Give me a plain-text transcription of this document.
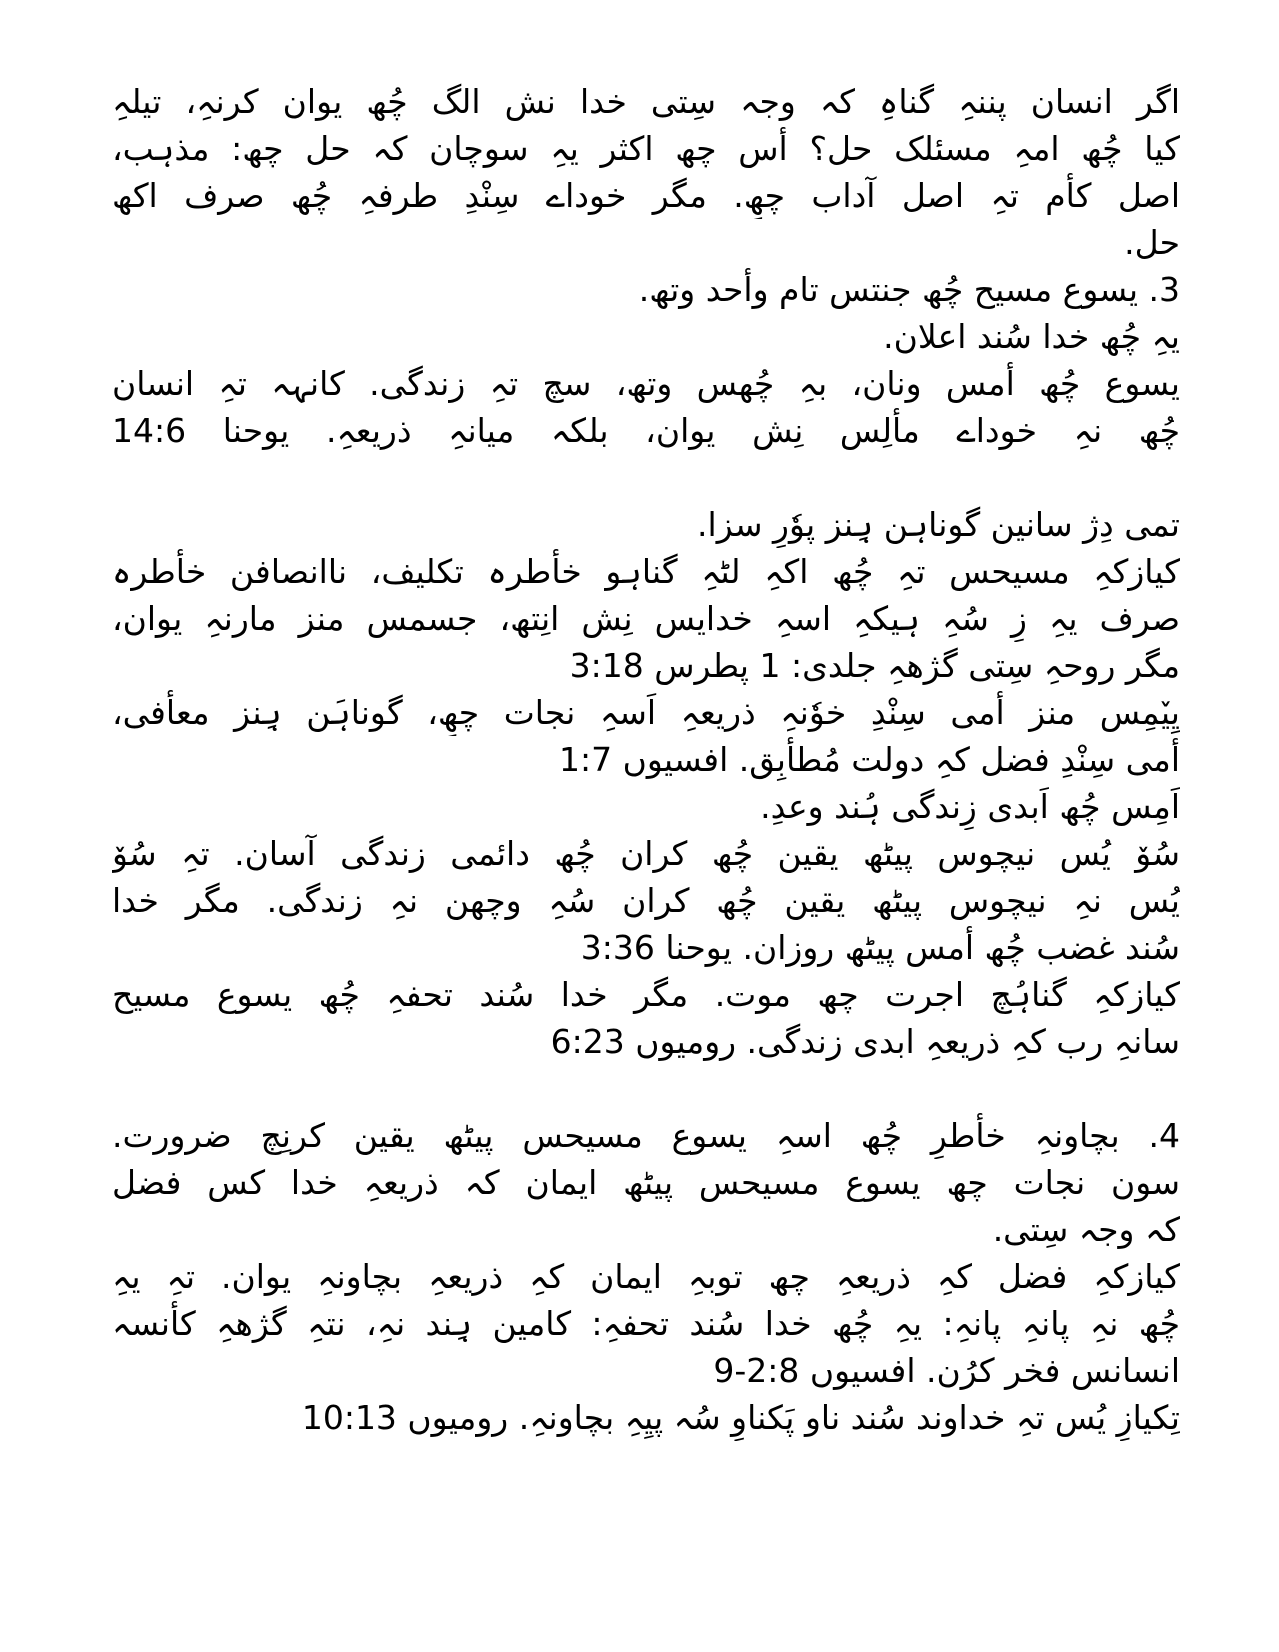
اگر انسان پننہِ گناہِ کہ وجہ سِتی خدا نش الگ چُھ یوان کرنہِ، تیلہِ
کیا چُھ امہِ مسئلک حل؟ أس چھ اکثر یہِ سوچان کہ حل چھ: مذہب،
اصل کأم تہِ اصل آداب چھِ. مگر خوداے سِنْدِ طرفہِ چُھ صرف اکھ
حل.
3. یسوع مسیح چُھ جنتس تام وأحد وتھ.
یہِ چُھ خدا سُند اعلان.
یسوع چُھ أمس ونان، بہِ چُھس وتھ، سچ تہِ زندگی. کانہہ تہِ انسان
چُھ نہِ خوداے مألِس نِش یوان، بلکہ میانہِ ذریعہِ. یوحنا 14:6
تمی دِژ سانین گوناہن ہِنز پوٗرِ سزا.
کیازکہِ مسیحس تہِ چُھ اکہِ لٹہِ گناہو خأطرہ تکلیف، ناانصافن خأطرہ
صرف یہِ زِ سُہِ ہیکہِ اسہِ خدایس نِش انِتھ، جسمس منز مارنہِ یوان،
مگر روحہِ سِتی گژھہِ جلدی: 1 پطرس 3:18
یِیٚمِس منز أمی سِنْدِ خوٗنہِ ذریعہِ اَسہِ نجات چھِ، گوناہَن ہِنز معأفی،
أمی سِنْدِ فضل کہِ دولت مُطأبِق. افسیوں 1:7
اَمِس چُھ اَبدی زِندگی ہُند وعدِ.
سُۆ یُس نیچوس پیٹھ یقین چُھ کران چُھ دائمی زندگی آسان. تہِ سُۆ
یُس نہِ نیچوس پیٹھ یقین چُھ کران سُہِ وچھن نہِ زندگی. مگر خدا
سُند غضب چُھ أمس پیٹھ روزان. یوحنا 3:36
کیازکہِ گناہُچ اجرت چھ موت. مگر خدا سُند تحفہِ چُھ یسوع مسیح
سانہِ رب کہِ ذریعہِ ابدی زندگی. رومیوں 6:23
4. بچاونہِ خأطرِ چُھ اسہِ یسوع مسیحس پیٹھ یقین کرنِچ ضرورت.
سون نجات چھ یسوع مسیحس پیٹھ ایمان کہ ذریعہِ خدا کس فضل
کہ وجہ سِتی.
کیازکہِ فضل کہِ ذریعہِ چھ توبہِ ایمان کہِ ذریعہِ بچاونہِ یوان. تہِ یہِ
چُھ نہِ پانہِ پانہِ: یہِ چُھ خدا سُند تحفہِ: کامین ہِند نہِ، نتہِ گژھہِ کأنسہ
انسانس فخر کرُن. افسیوں 2:8-9
تِکیازِ یُس تہِ خداوند سُند ناو پَکناوِ سُہ پیِہِ بچاونہِ. رومیوں 10:13
